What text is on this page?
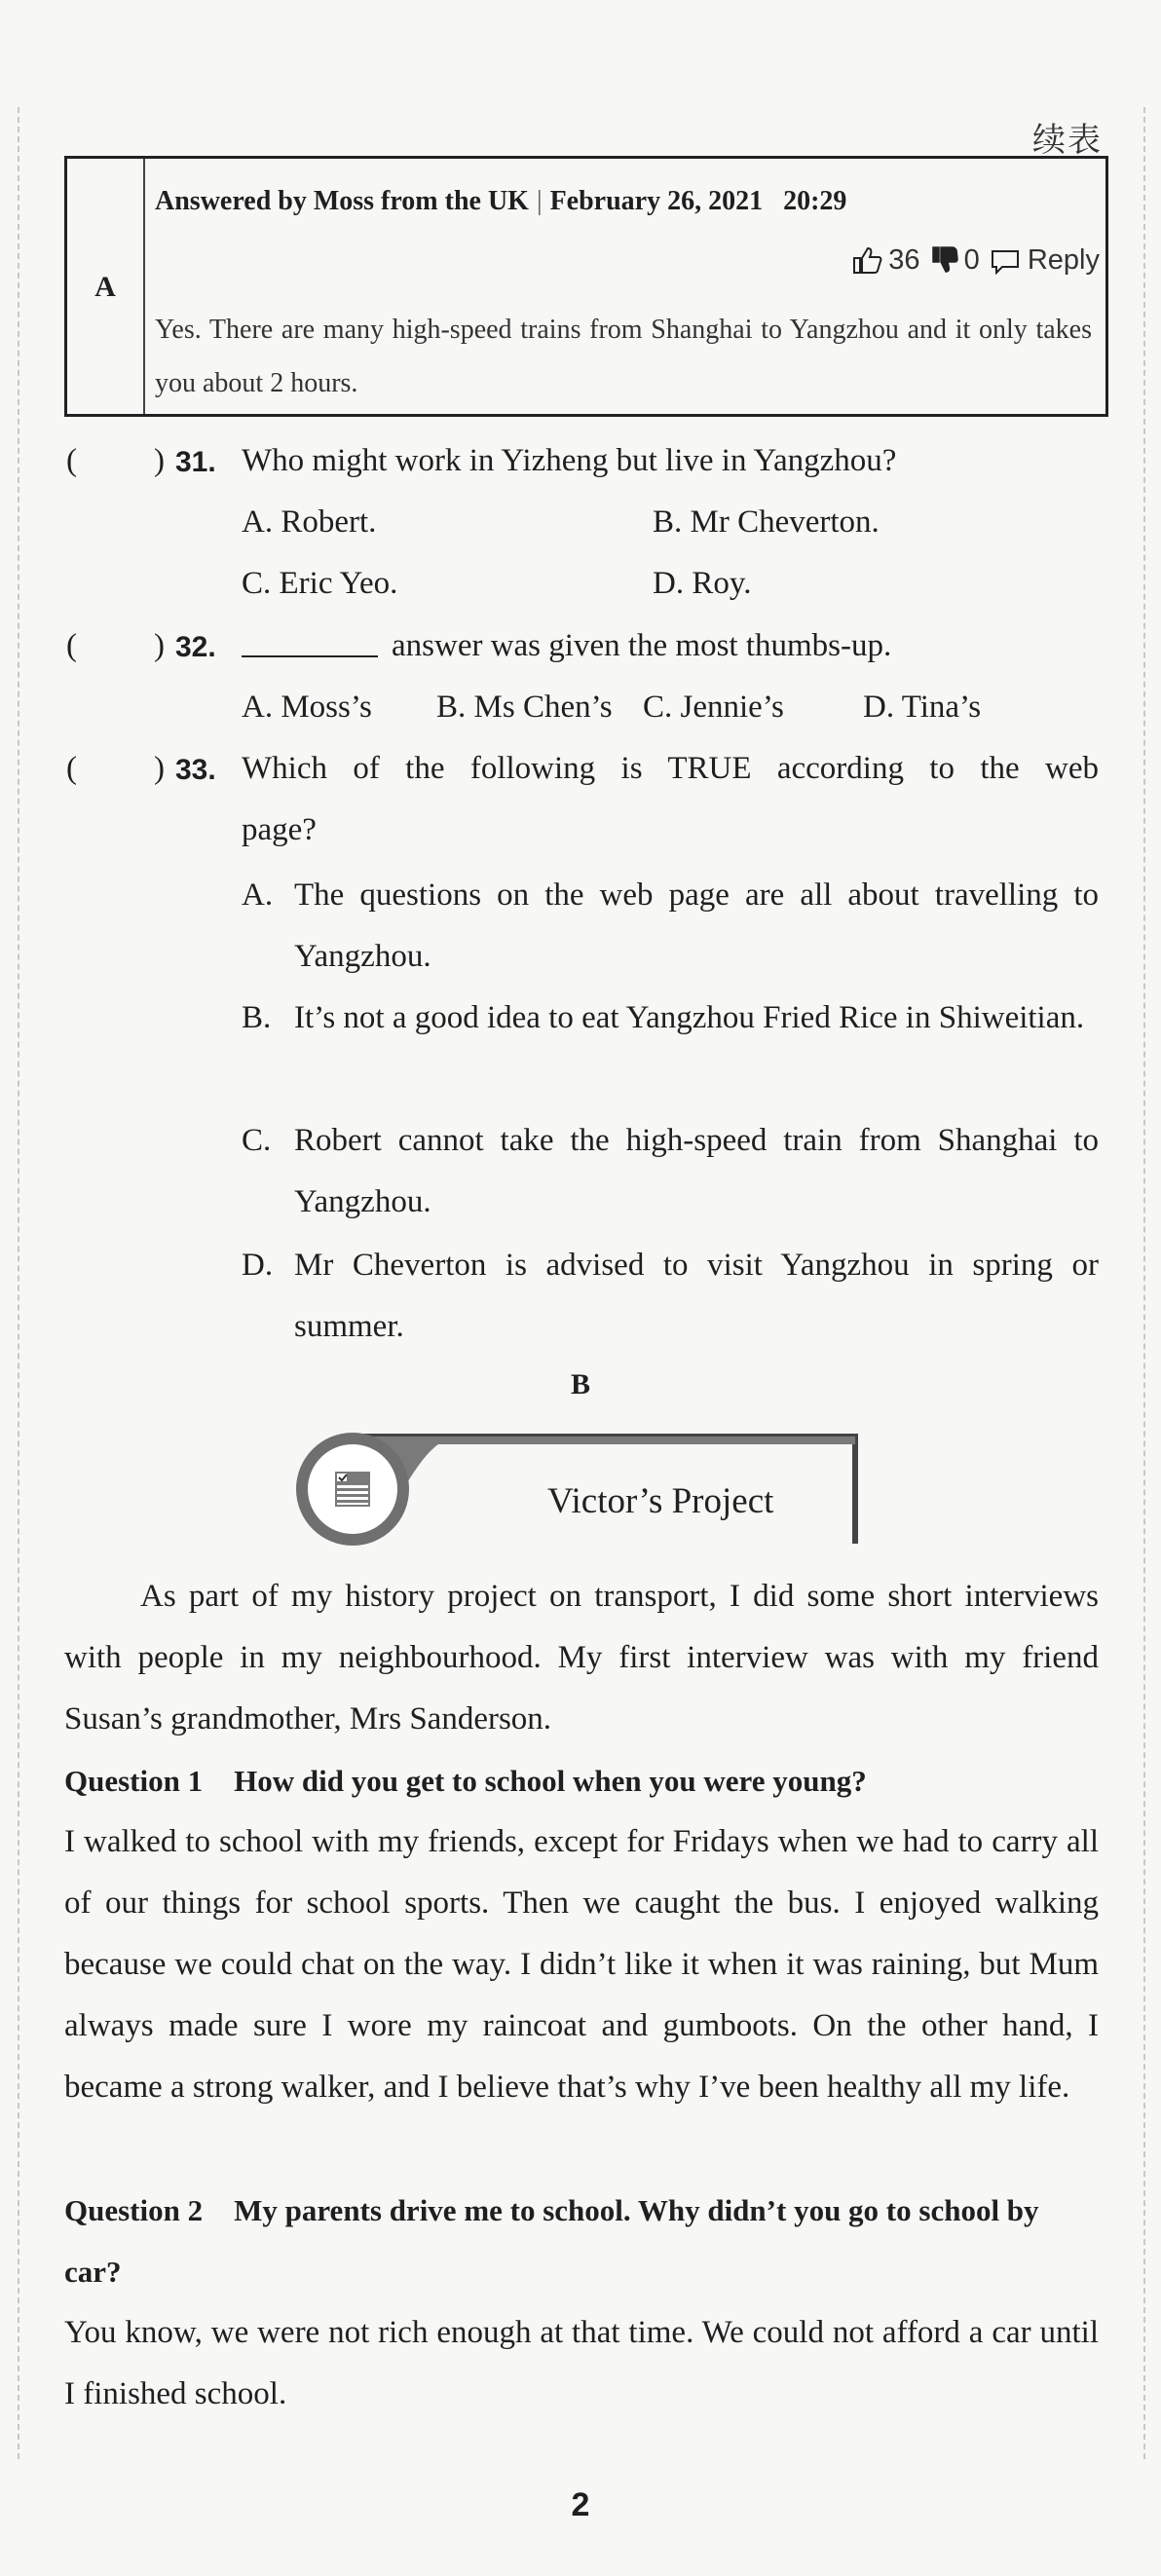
续表
A
Answered by Moss from the UK | February 26, 2021 20:29
36 0 Reply
Yes. There are many high-speed trains from Shanghai to Yangzhou and it only takes you about 2 hours.
( ) 31. Who might work in Yizheng but live in Yangzhou?
A. Robert.	B. Mr Cheverton.
C. Eric Yeo.	D. Roy.
( ) 32.	answer was given the most thumbs-up.
A. Moss’s B. Ms Chen’s C. Jennie’s D. Tina’s
( ) 33. Which of the following is TRUE according to the web
page?
A. The questions on the web page are all about travelling to Yangzhou.
B. It’s not a good idea to eat Yangzhou Fried Rice in Shiweitian.
C. Robert cannot take the high-speed train from Shanghai to Yangzhou.
D. Mr Cheverton is advised to visit Yangzhou in spring or summer.
B
Victor’s Project

As part of my history project on transport, I did some short interviews with people in my neighbourhood. My first interview was with my friend Susan’s grandmother, Mrs Sanderson.

Question 1 How did you get to school when you were young?

I walked to school with my friends, except for Fridays when we had to carry all of our things for school sports. Then we caught the bus. I enjoyed walking because we could chat on the way. I didn’t like it when it was raining, but Mum always made sure I wore my raincoat and gumboots. On the other hand, I became a strong walker, and I believe that’s why I’ve been healthy all my life.

Question 2 My parents drive me to school. Why didn’t you go to school by car?

You know, we were not rich enough at that time. We could not afford a car until I finished school.

2
